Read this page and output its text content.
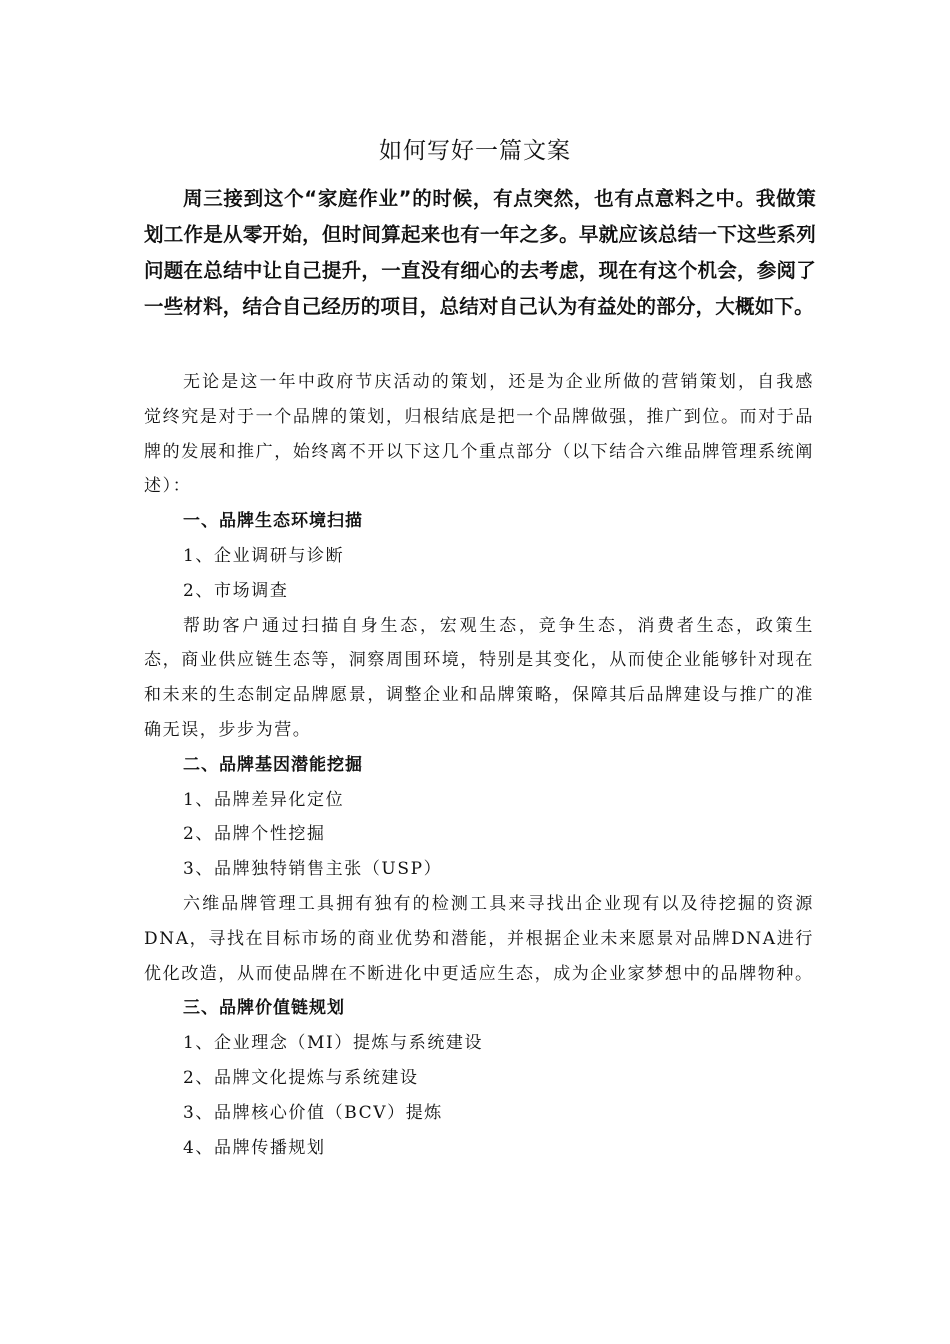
如何写好一篇文案

周三接到这个“家庭作业”的时候，有点突然，也有点意料之中。我做策划工作是从零开始，但时间算起来也有一年之多。早就应该总结一下这些系列问题在总结中让自己提升，一直没有细心的去考虑，现在有这个机会，参阅了一些材料，结合自己经历的项目，总结对自己认为有益处的部分，大概如下。

无论是这一年中政府节庆活动的策划，还是为企业所做的营销策划，自我感觉终究是对于一个品牌的策划，归根结底是把一个品牌做强，推广到位。而对于品牌的发展和推广，始终离不开以下这几个重点部分（以下结合六维品牌管理系统阐述）：

一、品牌生态环境扫描

1、企业调研与诊断

2、市场调查

帮助客户通过扫描自身生态，宏观生态，竞争生态，消费者生态，政策生态，商业供应链生态等，洞察周围环境，特别是其变化，从而使企业能够针对现在和未来的生态制定品牌愿景，调整企业和品牌策略，保障其后品牌建设与推广的准确无误，步步为营。

二、品牌基因潜能挖掘

1、品牌差异化定位

2、品牌个性挖掘

3、品牌独特销售主张（USP）

六维品牌管理工具拥有独有的检测工具来寻找出企业现有以及待挖掘的资源DNA，寻找在目标市场的商业优势和潜能，并根据企业未来愿景对品牌DNA进行优化改造，从而使品牌在不断进化中更适应生态，成为企业家梦想中的品牌物种。

三、品牌价值链规划

1、企业理念（MI）提炼与系统建设

2、品牌文化提炼与系统建设

3、品牌核心价值（BCV）提炼

4、品牌传播规划
